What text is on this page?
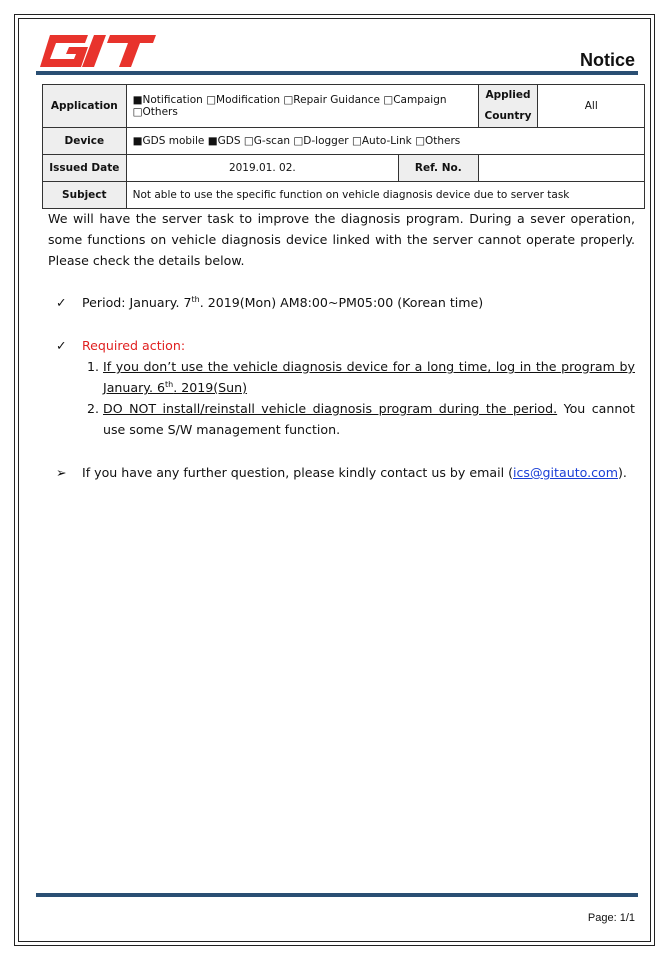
Notice
Application	■Notification □Modification □Repair Guidance □Campaign □Others		Applied Country	All
Device	■GDS mobile ■GDS □G-scan □D-logger □Auto-Link □Others			
Issued Date	2019.01. 02.	Ref. No.		
Subject	Not able to use the specific function on vehicle diagnosis device due to server task			

We will have the server task to improve the diagnosis program. During a sever operation, some functions on vehicle diagnosis device linked with the server cannot operate properly. Please check the details below.

✓ Period: January. 7th. 2019(Mon) AM8:00~PM05:00 (Korean time)
✓ Required action:
1. If you don’t use the vehicle diagnosis device for a long time, log in the program by January. 6th. 2019(Sun)
2. DO NOT install/reinstall vehicle diagnosis program during the period. You cannot use some S/W management function.
➢ If you have any further question, please kindly contact us by email (ics@gitauto.com).
Page: 1/1
